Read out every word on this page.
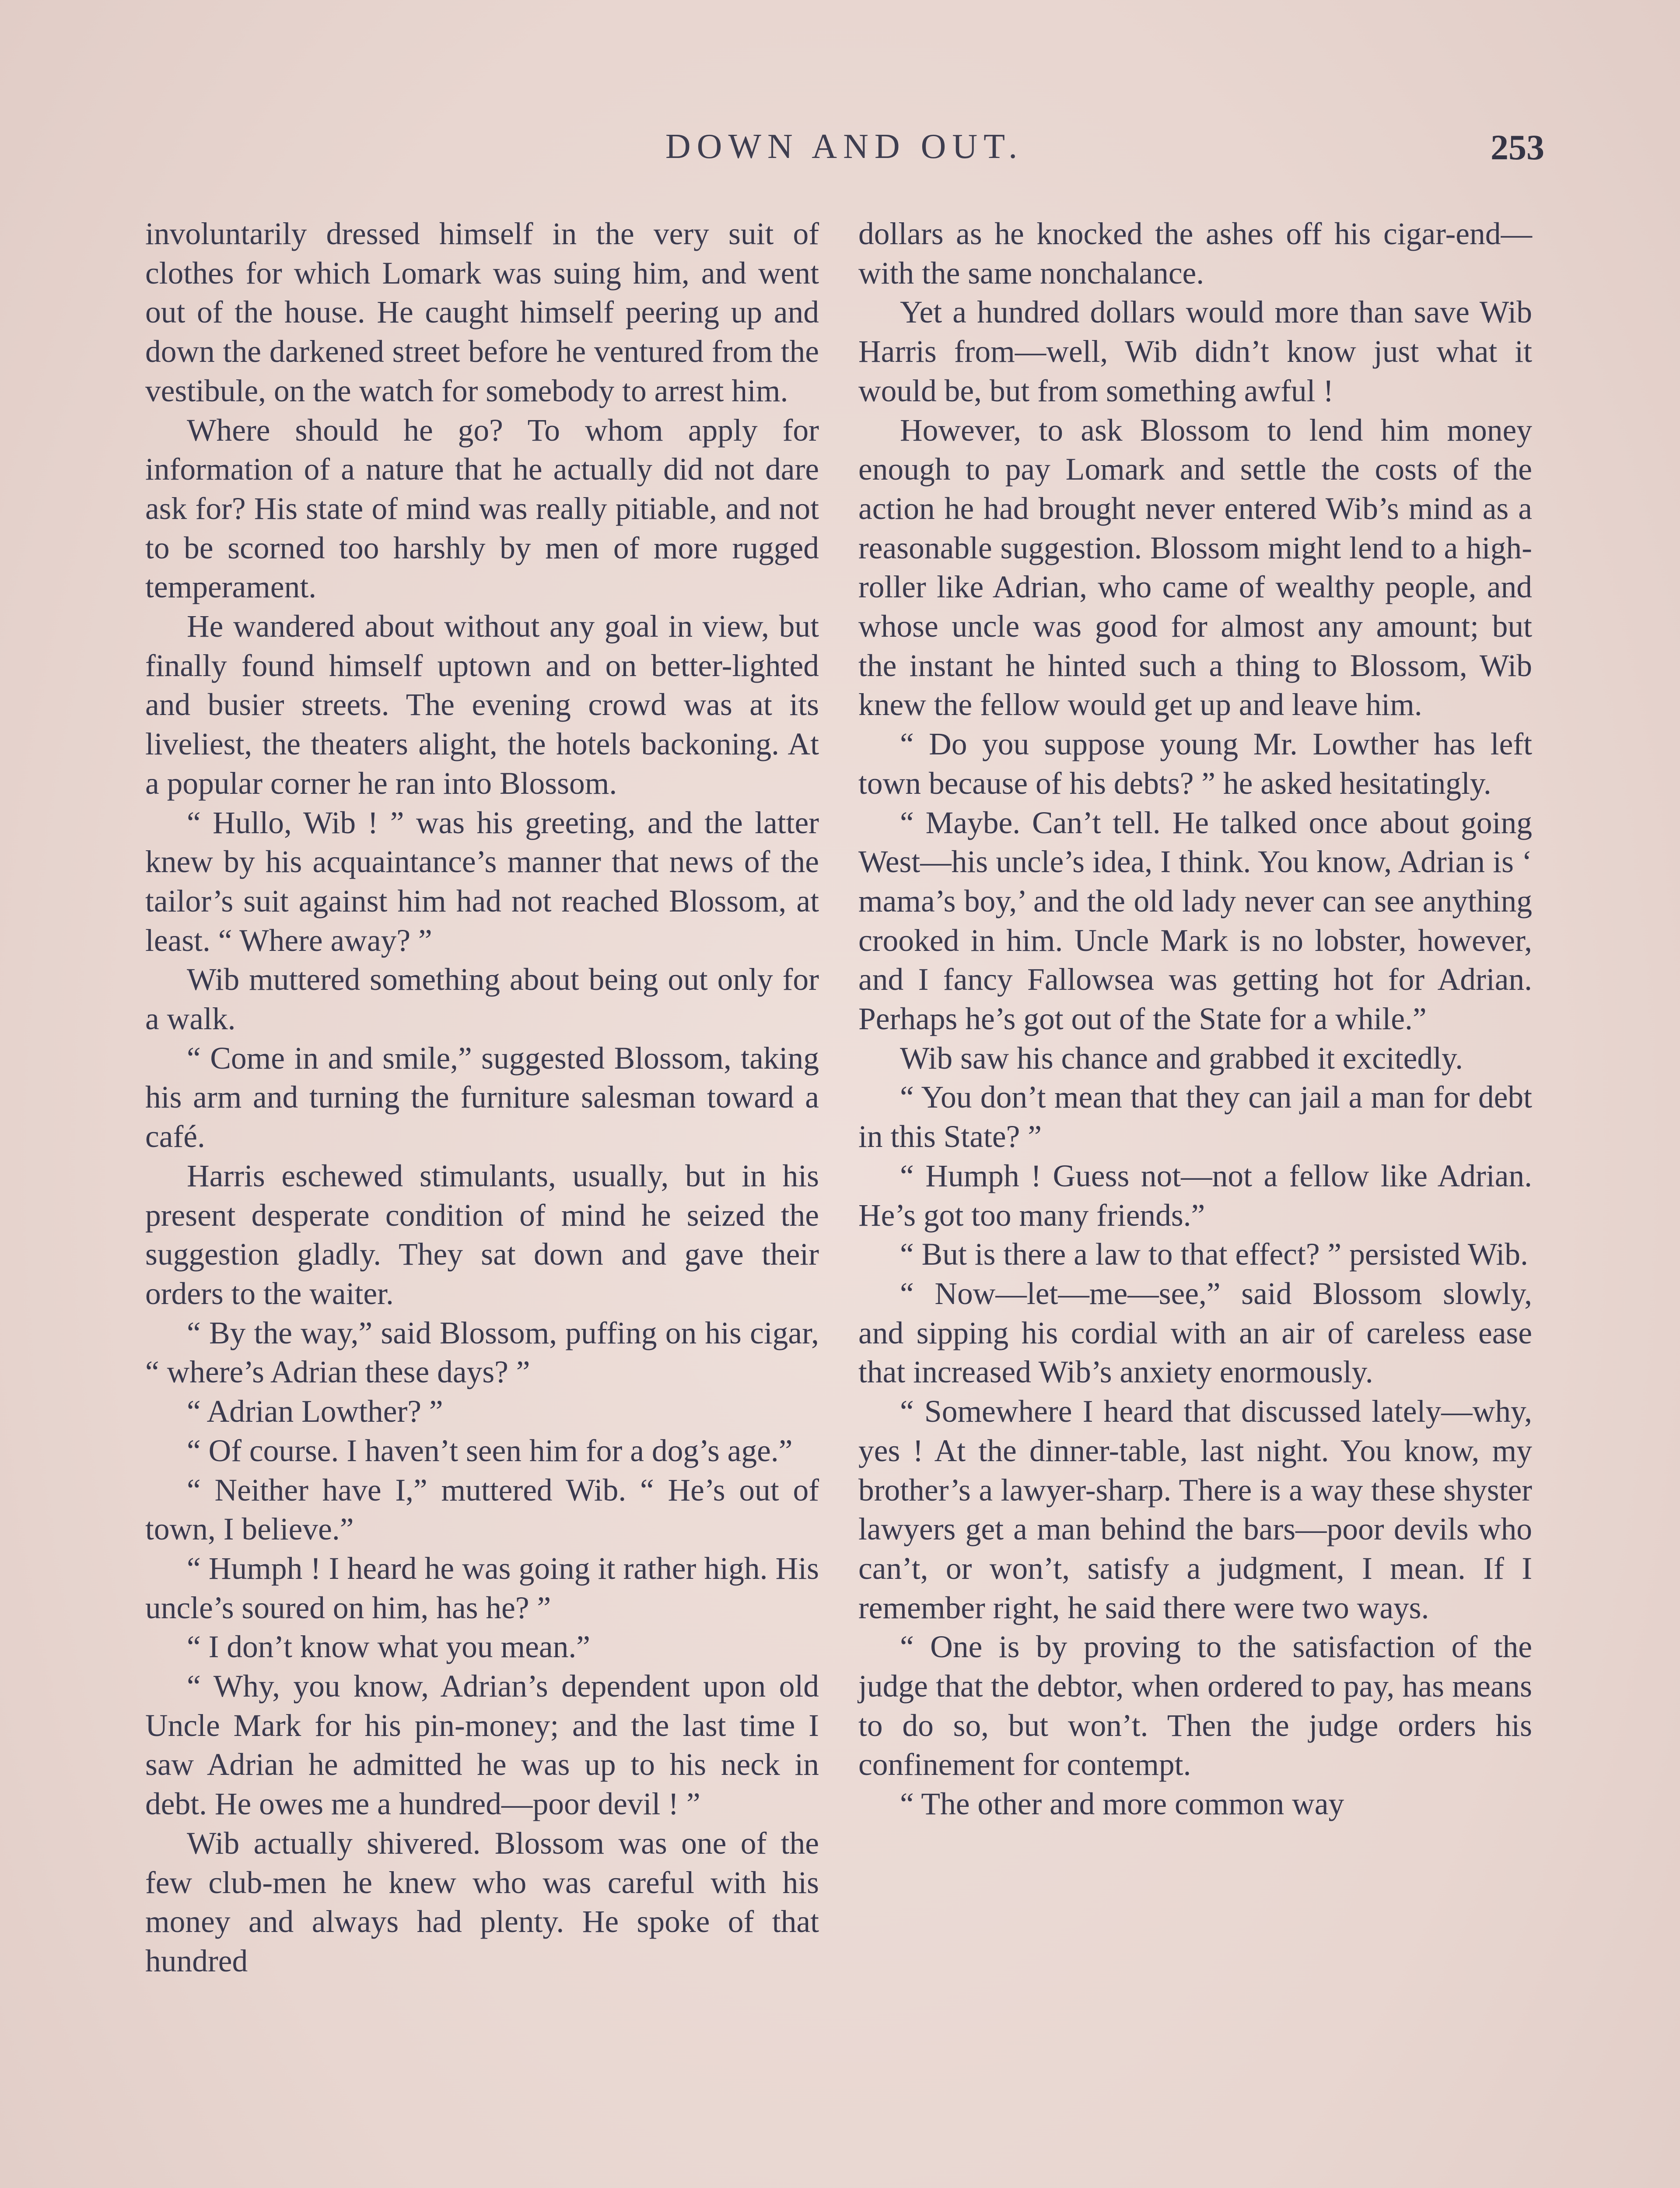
DOWN AND OUT.	253

involuntarily dressed himself in the very suit of clothes for which Lomark was suing him, and went out of the house. He caught himself peering up and down the darkened street before he ventured from the vestibule, on the watch for somebody to arrest him.

Where should he go? To whom apply for information of a nature that he actually did not dare ask for? His state of mind was really pitiable, and not to be scorned too harshly by men of more rugged temperament.

He wandered about without any goal in view, but finally found himself uptown and on better-lighted and busier streets. The evening crowd was at its liveliest, the theaters alight, the hotels backoning. At a popular corner he ran into Blossom.

“ Hullo, Wib ! ” was his greeting, and the latter knew by his acquaintance’s manner that news of the tailor’s suit against him had not reached Blossom, at least. “ Where away? ”

Wib muttered something about being out only for a walk.

“ Come in and smile,” suggested Blossom, taking his arm and turning the furniture salesman toward a café.

Harris eschewed stimulants, usually, but in his present desperate condition of mind he seized the suggestion gladly. They sat down and gave their orders to the waiter.

“ By the way,” said Blossom, puffing on his cigar, “ where’s Adrian these days? ”

“ Adrian Lowther? ”

“ Of course. I haven’t seen him for a dog’s age.”

“ Neither have I,” muttered Wib. “ He’s out of town, I believe.”

“ Humph ! I heard he was going it rather high. His uncle’s soured on him, has he? ”

“ I don’t know what you mean.”

“ Why, you know, Adrian’s dependent upon old Uncle Mark for his pin-money; and the last time I saw Adrian he admitted he was up to his neck in debt. He owes me a hundred—poor devil ! ”

Wib actually shivered. Blossom was one of the few club-men he knew who was careful with his money and always had plenty. He spoke of that hundred

dollars as he knocked the ashes off his cigar-end—with the same nonchalance.

Yet a hundred dollars would more than save Wib Harris from—well, Wib didn’t know just what it would be, but from something awful !

However, to ask Blossom to lend him money enough to pay Lomark and settle the costs of the action he had brought never entered Wib’s mind as a reasonable suggestion. Blossom might lend to a high-roller like Adrian, who came of wealthy people, and whose uncle was good for almost any amount; but the instant he hinted such a thing to Blossom, Wib knew the fellow would get up and leave him.

“ Do you suppose young Mr. Lowther has left town because of his debts? ” he asked hesitatingly.

“ Maybe. Can’t tell. He talked once about going West—his uncle’s idea, I think. You know, Adrian is ‘ mama’s boy,’ and the old lady never can see anything crooked in him. Uncle Mark is no lobster, however, and I fancy Fallowsea was getting hot for Adrian. Perhaps he’s got out of the State for a while.”

Wib saw his chance and grabbed it excitedly.

“ You don’t mean that they can jail a man for debt in this State? ”

“ Humph ! Guess not—not a fellow like Adrian. He’s got too many friends.”

“ But is there a law to that effect? ” persisted Wib.

“ Now—let—me—see,” said Blossom slowly, and sipping his cordial with an air of careless ease that increased Wib’s anxiety enormously.

“ Somewhere I heard that discussed lately—why, yes ! At the dinner-table, last night. You know, my brother’s a lawyer-sharp. There is a way these shyster lawyers get a man behind the bars—poor devils who can’t, or won’t, satisfy a judgment, I mean. If I remember right, he said there were two ways.

“ One is by proving to the satisfaction of the judge that the debtor, when ordered to pay, has means to do so, but won’t. Then the judge orders his confinement for contempt.

“ The other and more common way
